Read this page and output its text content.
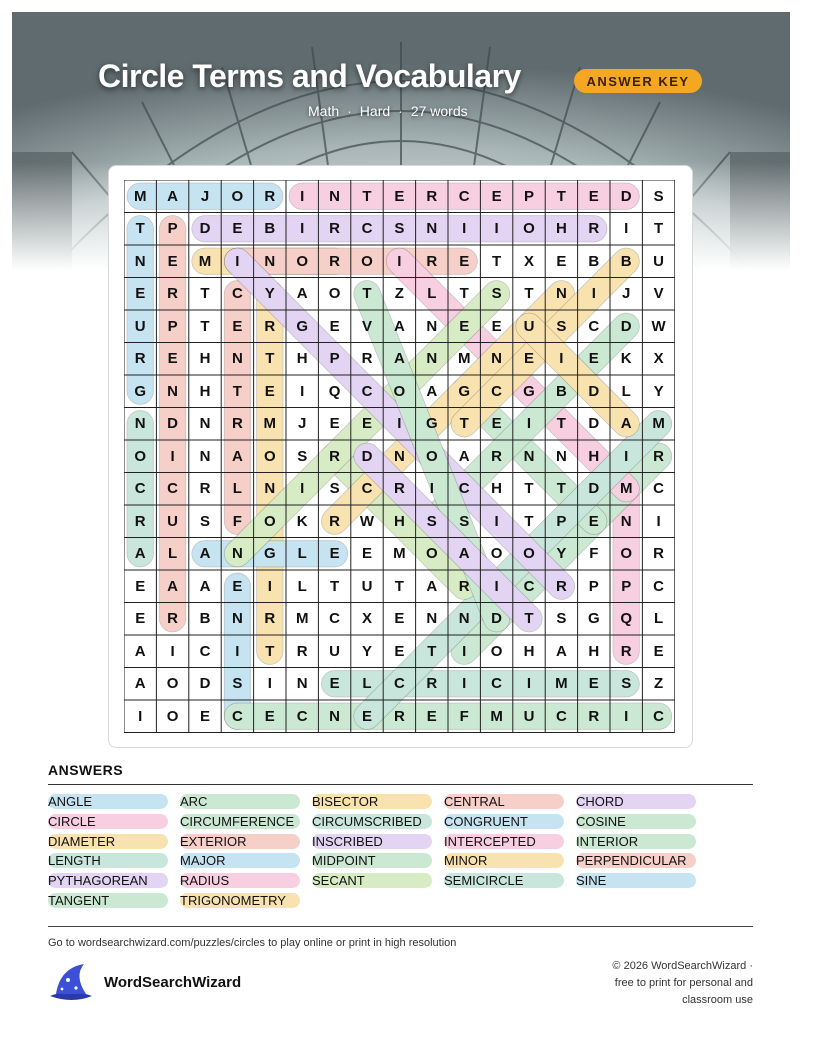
Circle Terms and Vocabulary	ANSWER KEY
Math · Hard · 27 words
M	A	J	O	R	I	N	T	E	R	C	E	P	T	E	D	S
T	P	D	E	B	I	R	C	S	N	I	I	O	H	R	I	T
N	E	M	I	N	O	R	O	I	R	E	T	X	E	B	B	U
E	R	T	C	Y	A	O	T	Z	L	T	S	T	N	I	J	V
U	P	T	E	R	G	E	V	A	N	E	E	U	S	C	D	W
R	E	H	N	T	H	P	R	A	N	M	N	E	I	E	K	X
G	N	H	T	E	I	Q	C	O	A	G	C	G	B	D	L	Y
N	D	N	R	M	J	E	E	I	G	T	E	I	T	D	A	M
O	I	N	A	O	S	R	D	N	O	A	R	N	N	H	I	R
C	C	R	L	N	I	S	C	R	I	C	H	T	T	D	M	C
R	U	S	F	O	K	R	W	H	S	S	I	T	P	E	N	I
A	L	A	N	G	L	E	E	M	O	A	O	O	Y	F	O	R
E	A	A	E	I	L	T	U	T	A	R	I	C	R	P	P	C
E	R	B	N	R	M	C	X	E	N	N	D	T	S	G	Q	L
A	I	C	I	T	R	U	Y	E	T	I	O	H	A	H	R	E
A	O	D	S	I	N	E	L	C	R	I	C	I	M	E	S	Z
I	O	E	C	E	C	N	E	R	E	F	M	U	C	R	I	C
ANSWERS
ANGLE	ARC	BISECTOR	CENTRAL	CHORD
CIRCLE	CIRCUMFERENCE	CIRCUMSCRIBED	CONGRUENT	COSINE
DIAMETER	EXTERIOR	INSCRIBED	INTERCEPTED	INTERIOR
LENGTH	MAJOR	MIDPOINT	MINOR	PERPENDICULAR
PYTHAGOREAN	RADIUS	SECANT	SEMICIRCLE	SINE
TANGENT	TRIGONOMETRY
Go to wordsearchwizard.com/puzzles/circles to play online or print in high resolution
WordSearchWizard
© 2026 WordSearchWizard ·
free to print for personal and
classroom use
